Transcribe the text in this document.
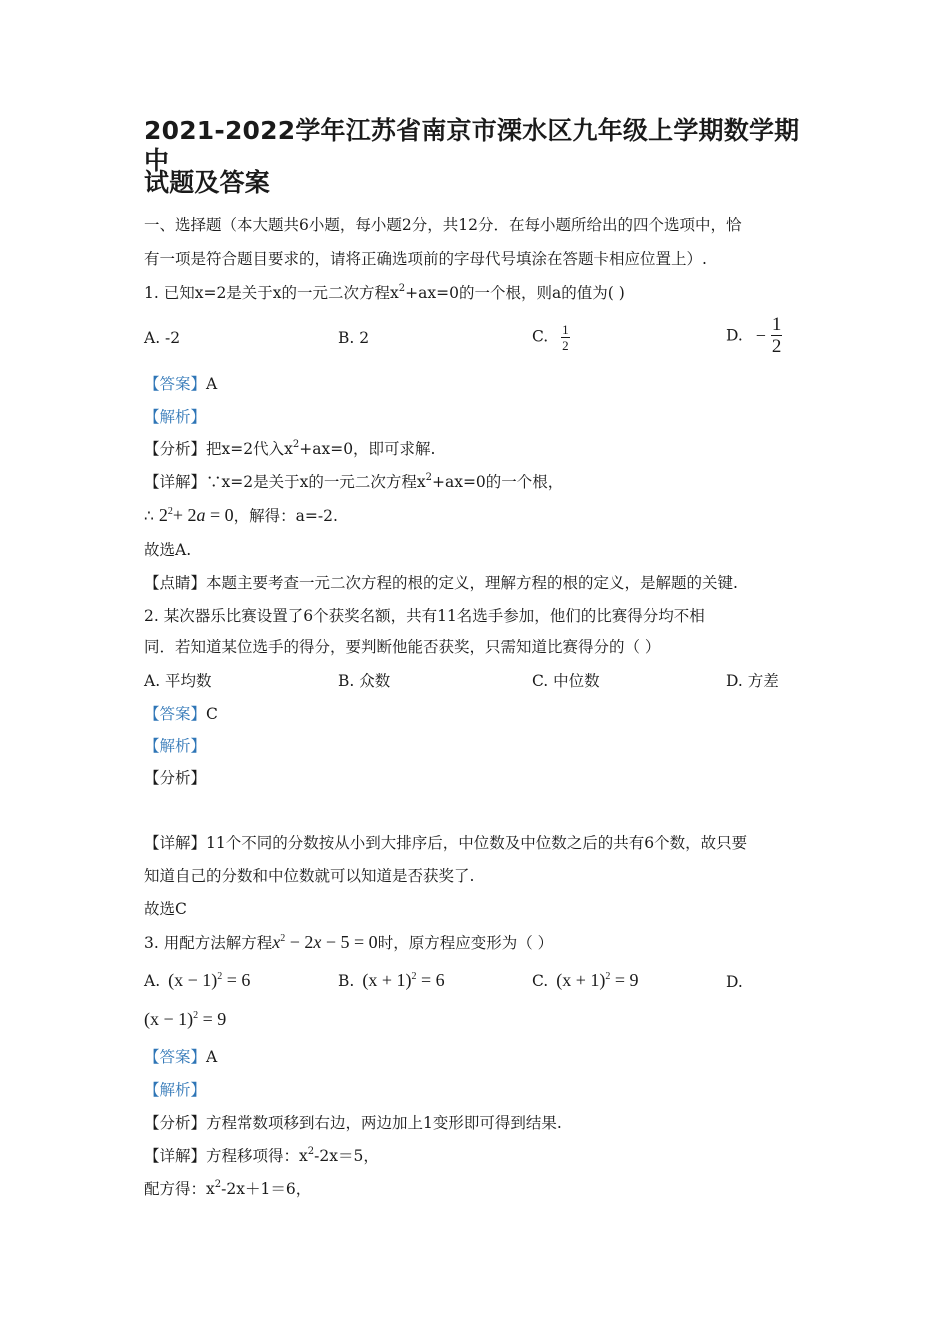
2021-2022学年江苏省南京市溧水区九年级上学期数学期中
试题及答案
一、选择题（本大题共6小题，每小题2分，共12分．在每小题所给出的四个选项中，恰
有一项是符合题目要求的，请将正确选项前的字母代号填涂在答题卡相应位置上）.
1. 已知x=2是关于x的一元二次方程$x^2+ax=0$的一个根，则a的值为( )
A. -2	B. 2	C. $\frac{1}{2}$	D. − $\frac{1}{2}$
【答案】A
【解析】
【分析】把x=2代入$x^2+ax=0$，即可求解.
【详解】∵x=2是关于x的一元二次方程$x^2+ax=0$的一个根，
∴ $2^2+ 2a = 0$，解得：a=-2.
故选A.
【点睛】本题主要考查一元二次方程的根的定义，理解方程的根的定义，是解题的关键.
2. 某次器乐比赛设置了6个获奖名额，共有11名选手参加，他们的比赛得分均不相
同．若知道某位选手的得分，要判断他能否获奖，只需知道比赛得分的（ ）
A. 平均数	B. 众数	C. 中位数	D. 方差
【答案】C
【解析】
【分析】
【详解】11个不同的分数按从小到大排序后，中位数及中位数之后的共有6个数，故只要
知道自己的分数和中位数就可以知道是否获奖了.
故选C
3. 用配方法解方程$x^2 - 2x - 5 = 0$时，原方程应变形为（ ）
A. $(x - 1)^2 = 6$	B. $(x + 1)^2 = 6$	C. $(x + 1)^2 = 9$	D.
$(x - 1)^2 = 9$
【答案】A
【解析】
【分析】方程常数项移到右边，两边加上1变形即可得到结果.
【详解】方程移项得：$x^2-2x=5$，
配方得：$x^2-2x+1=6$，
